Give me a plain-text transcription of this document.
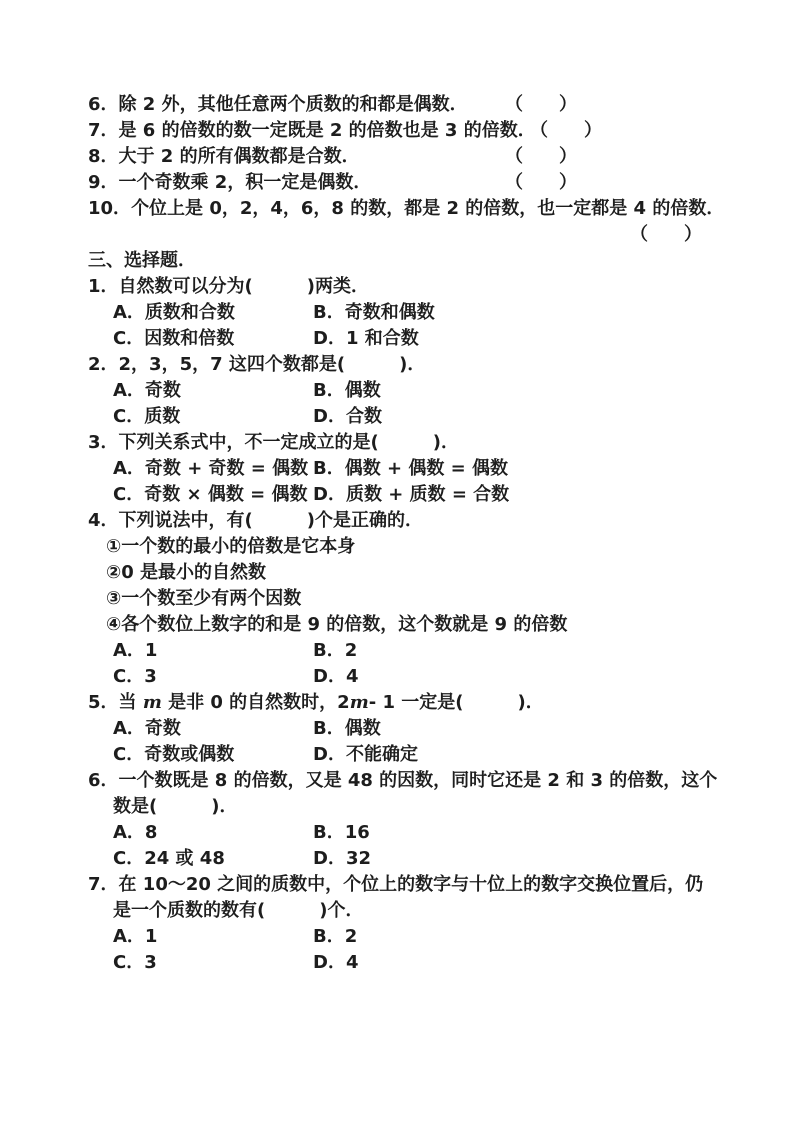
6．除 2 外，其他任意两个质数的和都是偶数． （　　）
7．是 6 的倍数的数一定既是 2 的倍数也是 3 的倍数．
（　　）
8．大于 2 的所有偶数都是合数．	（　　）
9．一个奇数乘 2，积一定是偶数．	（　　）
10．个位上是 0，2，4，6，8 的数，都是 2 的倍数，也一定都是 4 的倍数．
（　　）
三、选择题．
1．自然数可以分为(　　　)两类．
A．质数和合数	B．奇数和偶数
C．因数和倍数	D．1 和合数
2．2，3，5，7 这四个数都是(　　　)．
A．奇数	B．偶数
C．质数	D．合数
3．下列关系式中，不一定成立的是(　　　)．
A．奇数 + 奇数 = 偶数 B．偶数 + 偶数 = 偶数
C．奇数 × 偶数 = 偶数 D．质数 + 质数 = 合数
4．下列说法中，有(　　　)个是正确的．
①一个数的最小的倍数是它本身
②0 是最小的自然数
③一个数至少有两个因数
④各个数位上数字的和是 9 的倍数，这个数就是 9 的倍数
A．1	B．2
C．3	D．4
5．当 m 是非 0 的自然数时，2m- 1 一定是(　　　)．
A．奇数	B．偶数
C．奇数或偶数	D．不能确定
6．一个数既是 8 的倍数，又是 48 的因数，同时它还是 2 和 3 的倍数，这个
数是(　　　)．
A．8	B．16
C．24 或 48	D．32
7．在 10～20 之间的质数中，个位上的数字与十位上的数字交换位置后，仍
是一个质数的数有(　　　)个．
A．1	B．2
C．3	D．4
